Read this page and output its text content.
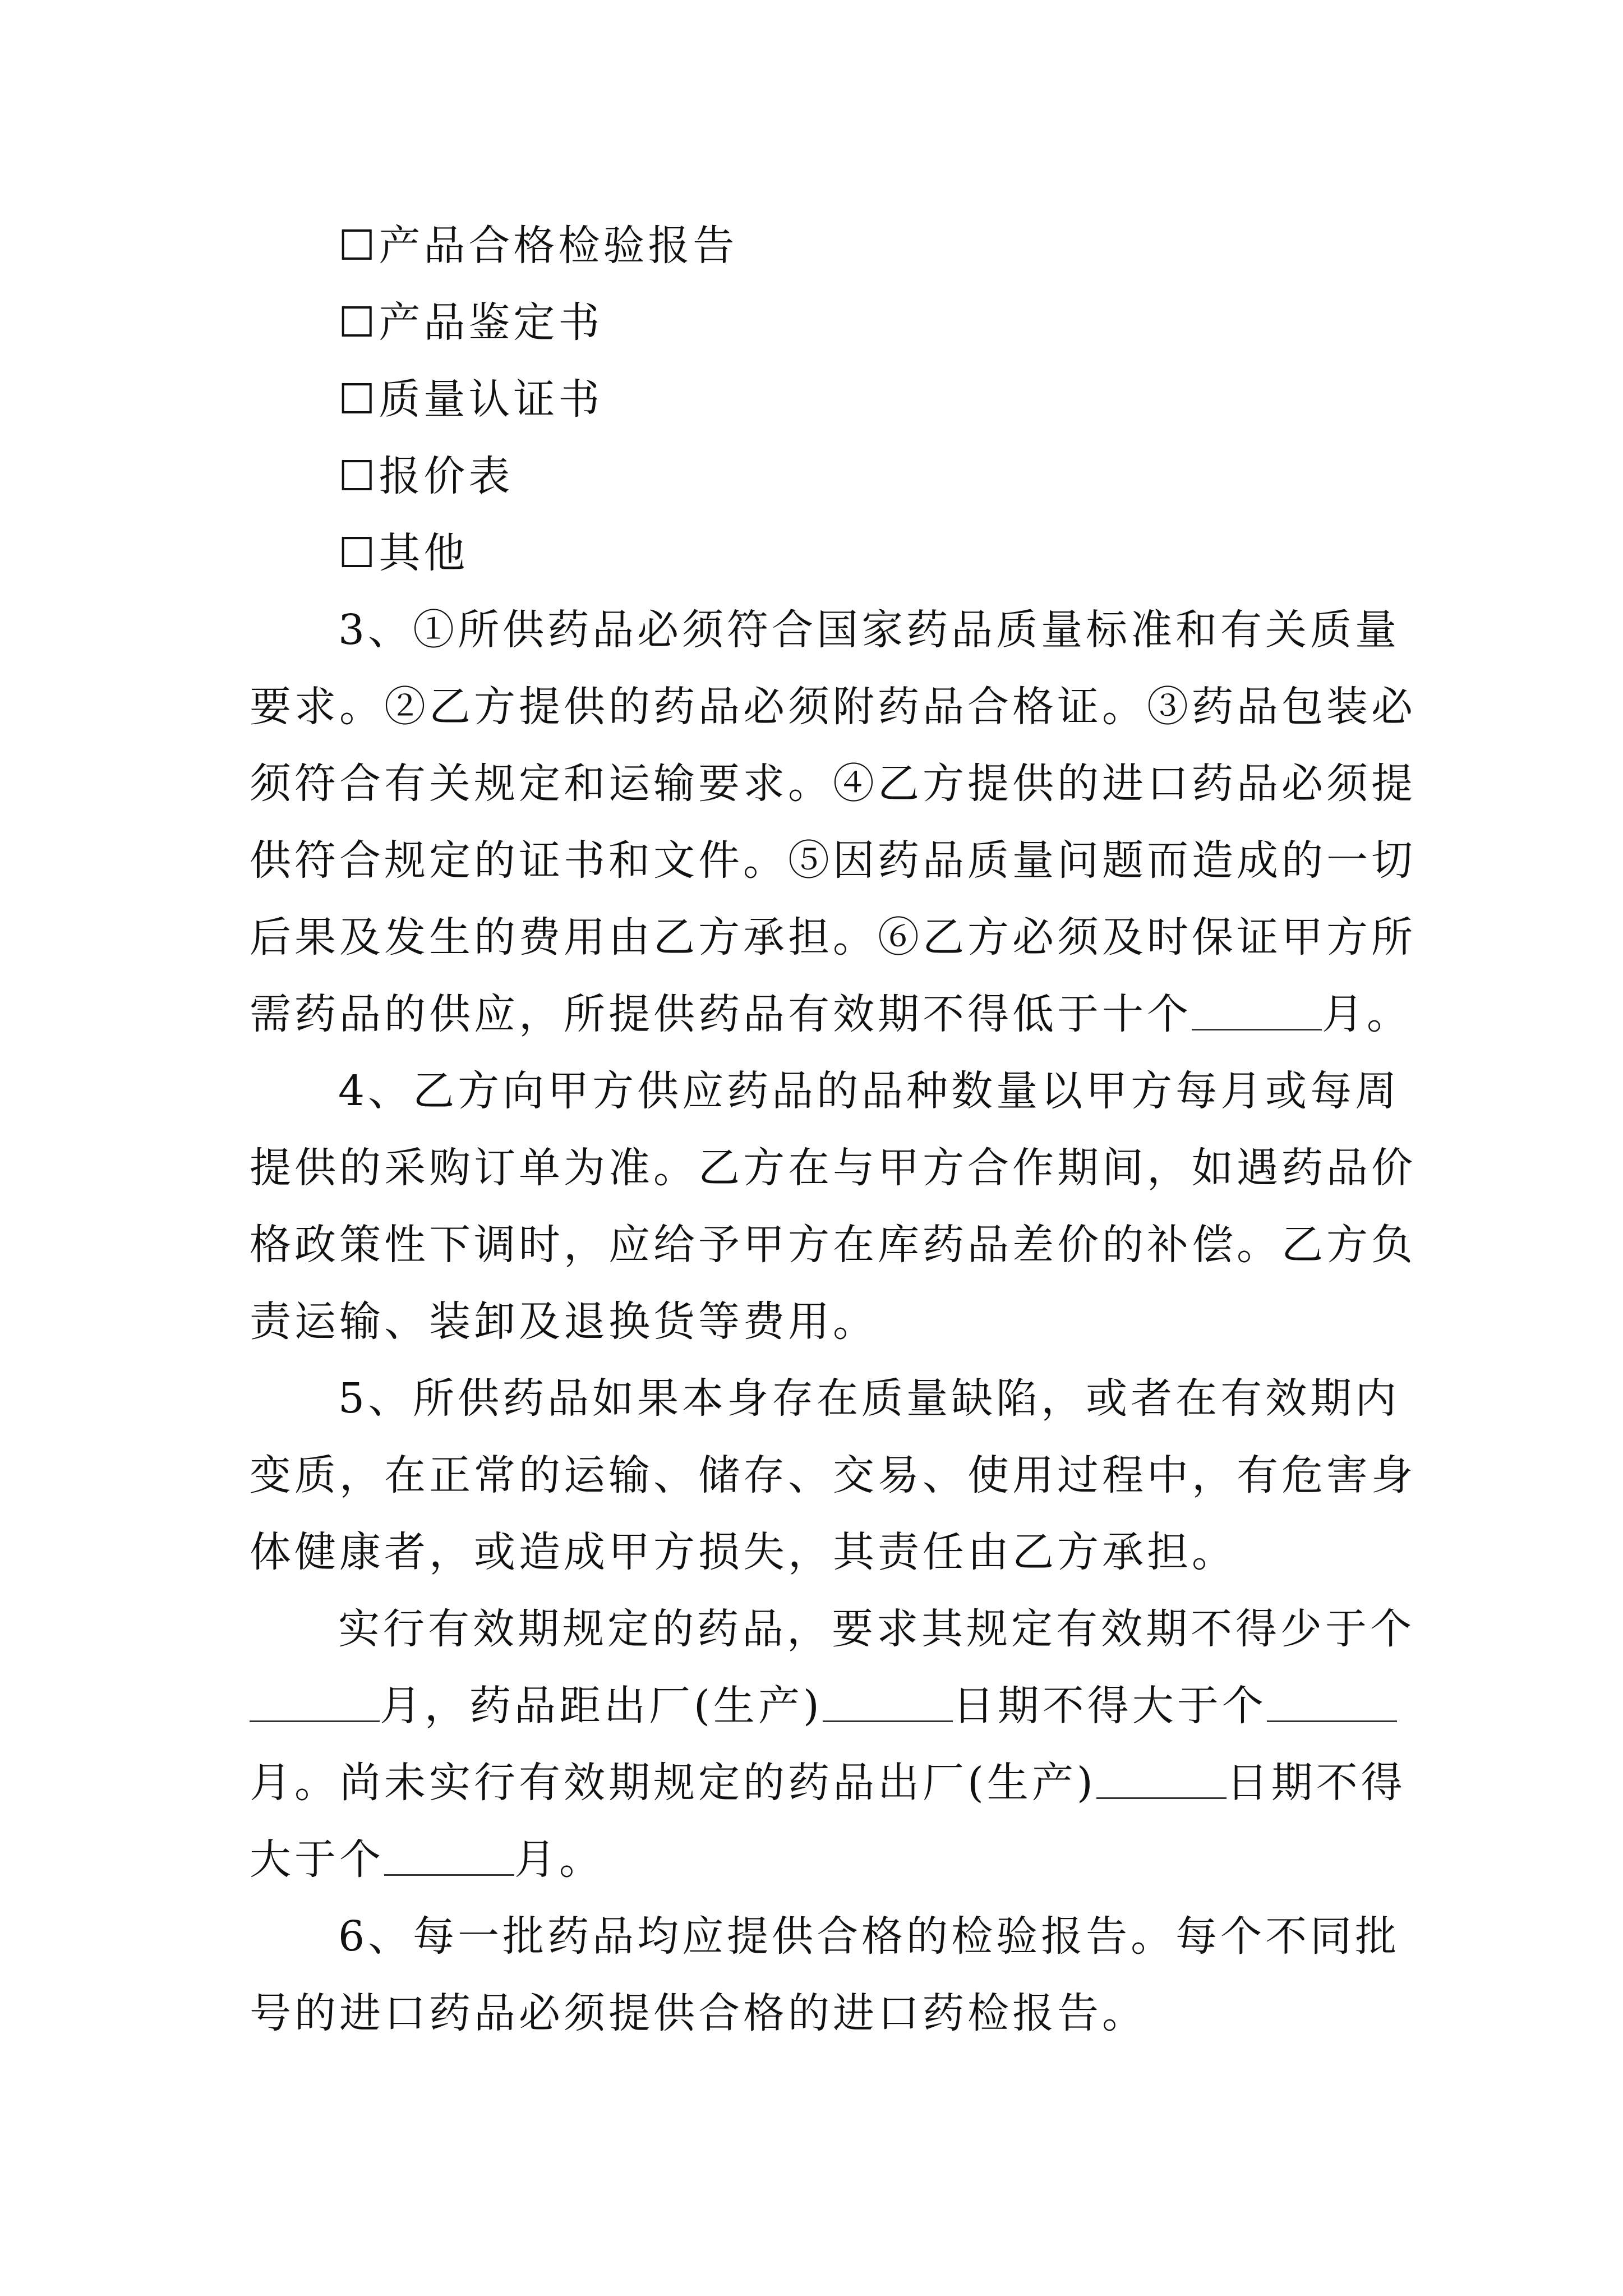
☐产品合格检验报告
☐产品鉴定书
☐质量认证书
☐报价表
☐其他
3、①所供药品必须符合国家药品质量标准和有关质量
要求。②乙方提供的药品必须附药品合格证。③药品包装必
须符合有关规定和运输要求。④乙方提供的进口药品必须提
供符合规定的证书和文件。⑤因药品质量问题而造成的一切
后果及发生的费用由乙方承担。⑥乙方必须及时保证甲方所
需药品的供应，所提供药品有效期不得低于十个	月。
4、乙方向甲方供应药品的品种数量以甲方每月或每周
提供的采购订单为准。乙方在与甲方合作期间，如遇药品价
格政策性下调时，应给予甲方在库药品差价的补偿。乙方负
责运输、装卸及退换货等费用。
5、所供药品如果本身存在质量缺陷，或者在有效期内
变质，在正常的运输、储存、交易、使用过程中，有危害身
体健康者，或造成甲方损失，其责任由乙方承担。
实行有效期规定的药品，要求其规定有效期不得少于个
月，药品距出厂(生产)	日期不得大于个
月。尚未实行有效期规定的药品出厂(生产)	日期不得
大于个	月。
6、每一批药品均应提供合格的检验报告。每个不同批
号的进口药品必须提供合格的进口药检报告。
